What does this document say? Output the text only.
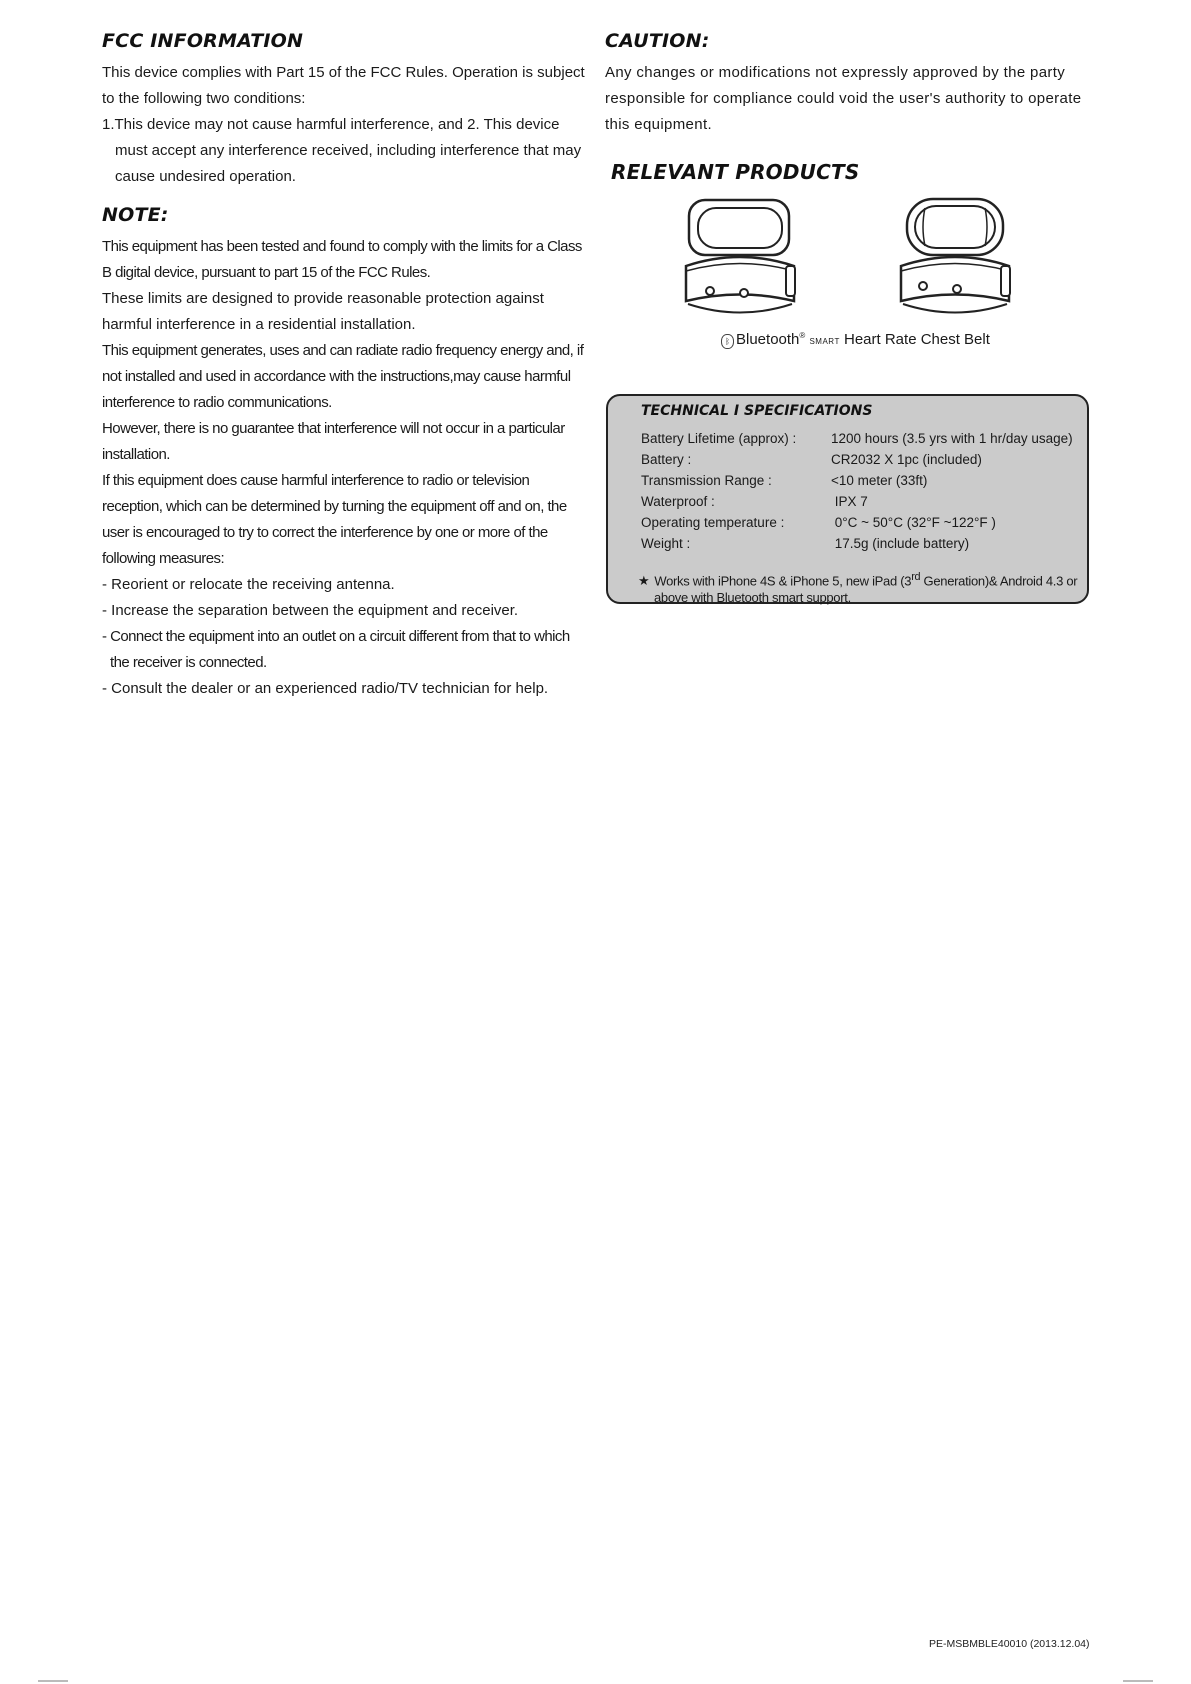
FCC INFORMATION

This device complies with Part 15 of the FCC Rules. Operation is subject to the following two conditions:

1.This device may not cause harmful interference, and 2. This device must accept any interference received, including interference that may cause undesired operation.

NOTE:

This equipment has been tested and found to comply with the limits for a Class B digital device, pursuant to part 15 of the FCC Rules.

These limits are designed to provide reasonable protection against harmful interference in a residential installation.

This equipment generates, uses and can radiate radio frequency energy and, if not installed and used in accordance with the instructions,may cause harmful interference to radio communications.

However, there is no guarantee that interference will not occur in a particular installation.

If this equipment does cause harmful interference to radio or television reception, which can be determined by turning the equipment off and on, the user is encouraged to try to correct the interference by one or more of the following measures:

- Reorient or relocate the receiving antenna.

- Increase the separation between the equipment and receiver.

- Connect the equipment into an outlet on a circuit different from that to which the receiver is connected.

- Consult the dealer or an experienced radio/TV technician for help.

CAUTION:

Any changes or modifications not expressly approved by the party responsible for compliance could void the user's authority to operate this equipment.

RELEVANT PRODUCTS
ᛒ Bluetooth® SMART Heart Rate Chest Belt
TECHNICAL I SPECIFICATIONS
Battery Lifetime (approx) :	1200 hours (3.5 yrs with 1 hr/day usage)
Battery :	CR2032 X 1pc (included)
Transmission Range :	<10 meter (33ft)
Waterproof :	IPX 7
Operating temperature :	0°C ~ 50°C (32°F ~122°F )
Weight :	17.5g (include battery)
★ Works with iPhone 4S & iPhone 5, new iPad (3rd Generation)& Android 4.3 or above with Bluetooth smart support.
PE-MSBMBLE40010 (2013.12.04)
